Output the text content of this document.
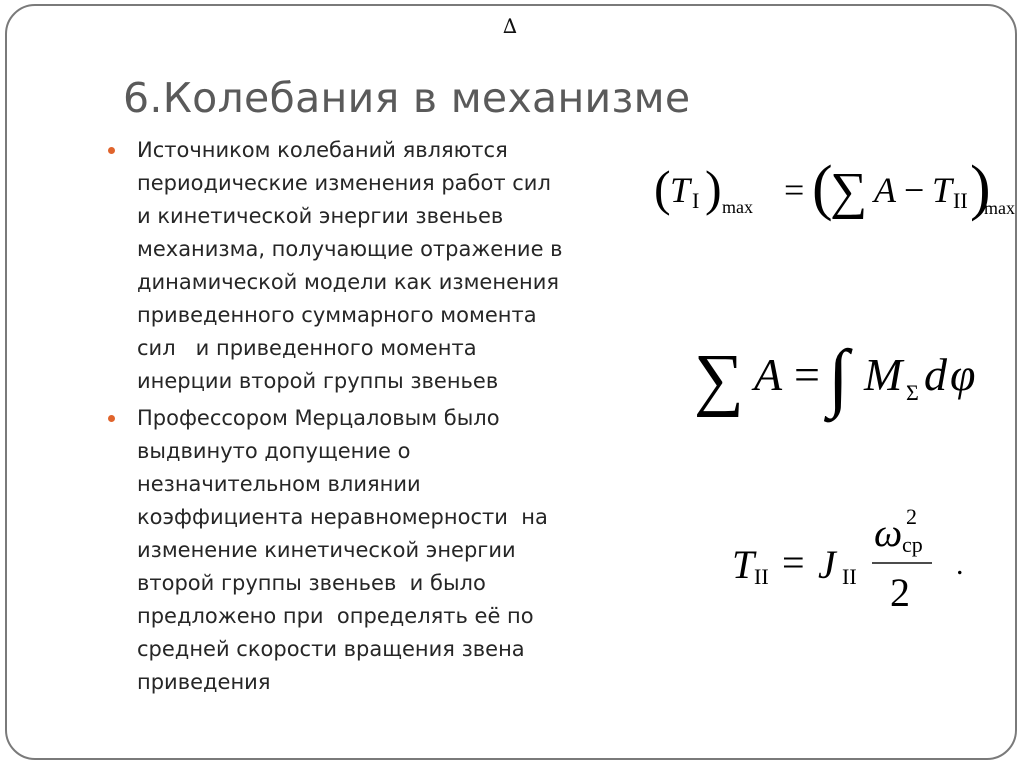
∆
6.Колебания в механизме
Источником колебаний являются
периодические изменения работ сил
и кинетической энергии звеньев
механизма, получающие отражение в
динамической модели как изменения
приведенного суммарного момента
сил   и приведенного момента
инерции второй группы звеньев
Профессором Мерцаловым было
выдвинуто допущение о
незначительном влиянии
коэффициента неравномерности  на
изменение кинетической энергии
второй группы звеньев  и было
предложено при  определять её по
средней скорости вращения звена
приведения
( T I ) max = (
∑ A − T II )
max
∑ A = ∫ M Σ d φ
T II = J II
ω 2
ср
2
.
